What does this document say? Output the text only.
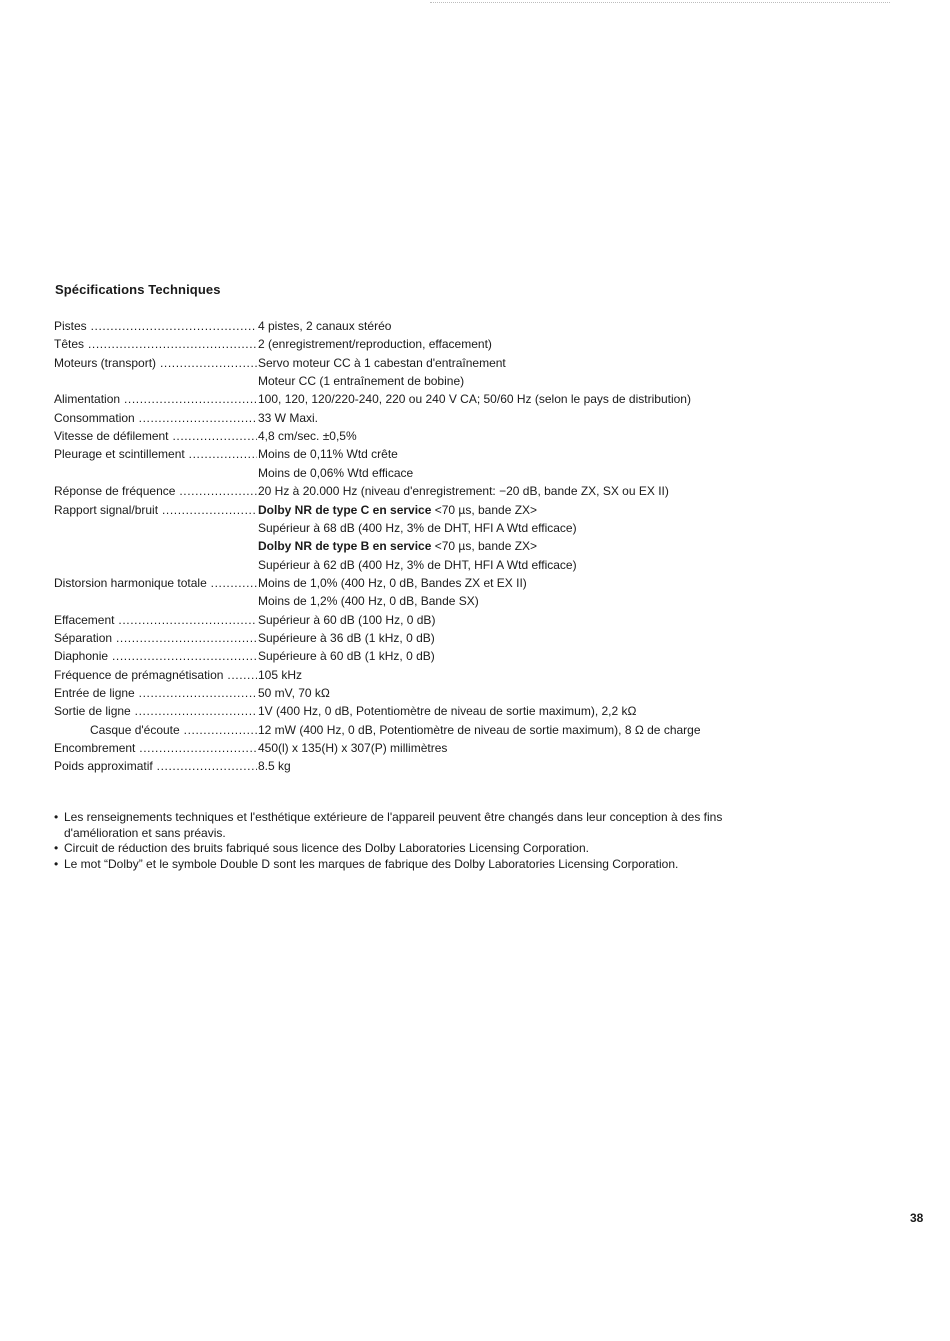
Spécifications Techniques
Pistes .....	4 pistes, 2 canaux stéréo
Têtes .....	2 (enregistrement/reproduction, effacement)
Moteurs (transport) .....	Servo moteur CC à 1 cabestan d'entraînement
Moteur CC (1 entraînement de bobine)
Alimentation .....	100, 120, 120/220-240, 220 ou 240 V CA; 50/60 Hz (selon le pays de distribution)
Consommation .....	33 W Maxi.
Vitesse de défilement .....	4,8 cm/sec. ±0,5%
Pleurage et scintillement .....	Moins de 0,11% Wtd crête
Moins de 0,06% Wtd efficace
Réponse de fréquence .....	20 Hz à 20.000 Hz (niveau d'enregistrement: −20 dB, bande ZX, SX ou EX II)
Rapport signal/bruit .....	Dolby NR de type C en service <70 µs, bande ZX>
Supérieur à 68 dB (400 Hz, 3% de DHT, HFI A Wtd efficace)
Dolby NR de type B en service <70 µs, bande ZX>
Supérieur à 62 dB (400 Hz, 3% de DHT, HFI A Wtd efficace)
Distorsion harmonique totale .....	Moins de 1,0% (400 Hz, 0 dB, Bandes ZX et EX II)
Moins de 1,2% (400 Hz, 0 dB, Bande SX)
Effacement .....	Supérieur à 60 dB (100 Hz, 0 dB)
Séparation .....	Supérieure à 36 dB (1 kHz, 0 dB)
Diaphonie .....	Supérieure à 60 dB (1 kHz, 0 dB)
Fréquence de prémagnétisation .....	105 kHz
Entrée de ligne .....	50 mV, 70 kΩ
Sortie de ligne .....	1V (400 Hz, 0 dB, Potentiomètre de niveau de sortie maximum), 2,2 kΩ
Casque d'écoute .....	12 mW (400 Hz, 0 dB, Potentiomètre de niveau de sortie maximum), 8 Ω de charge
Encombrement .....	450(l) x 135(H) x 307(P) millimètres
Poids approximatif .....	8.5 kg

• Les renseignements techniques et l'esthétique extérieure de l'appareil peuvent être changés dans leur conception à des fins d'amélioration et sans préavis.

• Circuit de réduction des bruits fabriqué sous licence des Dolby Laboratories Licensing Corporation.

• Le mot “Dolby” et le symbole Double D sont les marques de fabrique des Dolby Laboratories Licensing Corporation.

38
